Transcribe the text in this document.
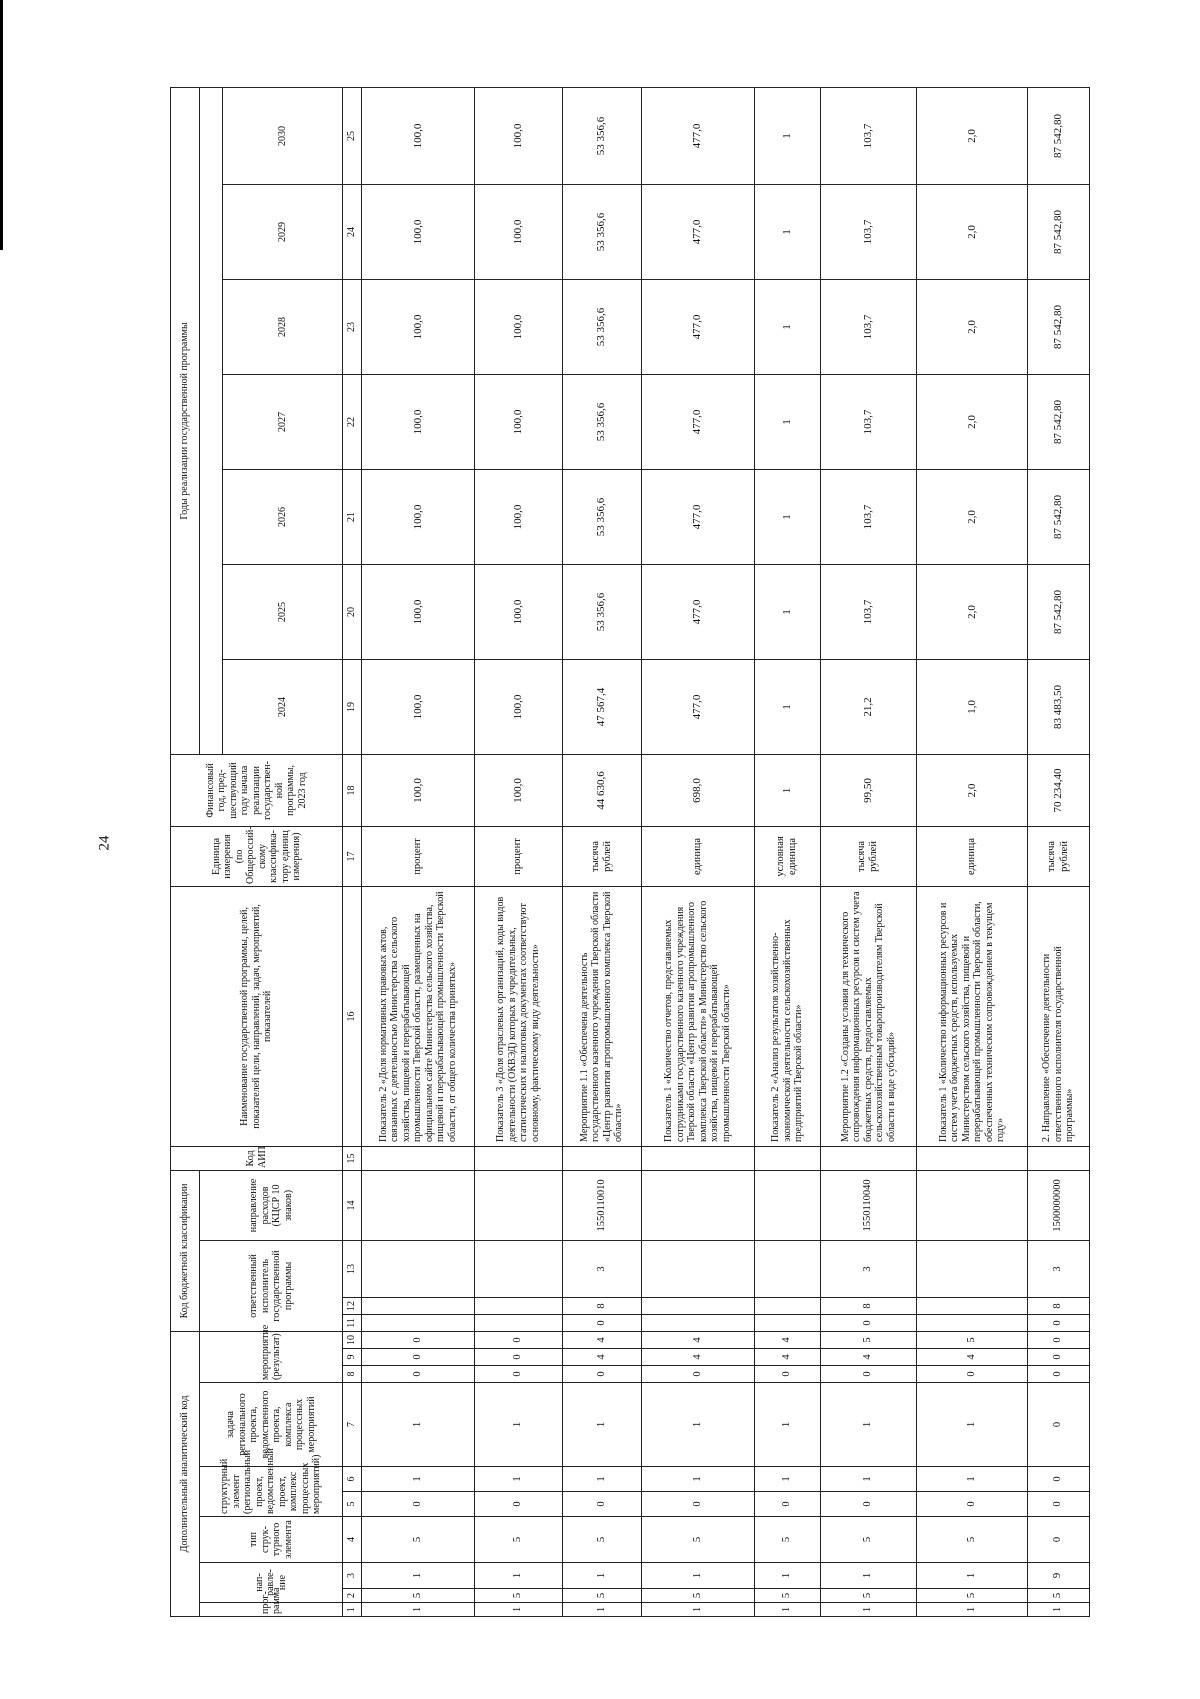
24
Дополнительный аналитический код										Код бюджетной классификации				Код АИП	Наименование государственной программы, целей, показателей цели, направлений, задач, мероприятий, показателей	Единица измерения (по Общероссий-скому классифика-тору единиц измерения)	Финансовый год, пред-шествующий году начала реализации государствен-ной программы, 2023 год	Годы реализации государственной программы						
прог-рамма	нап-равле-ние		тип струк-турного элемента	структурный элемент (региональный проект, ведомственный проект, комплекс процессных мероприятий)		задача регионального проекта, ведомственного проекта, комплекса процессных мероприятий	мероприятие (результат)			ответственный исполнитель государственной программы			направление расходов (КЦСР 10 знаков)											
																		2024	2025	2026	2027	2028	2029	2030
1	2	3	4	5	6	7	8	9	10	11	12	13	14	15	16	17	18	19	20	21	22	23	24	25
1	5	1	5	0	1	1	0	0	0						Показатель 2 «Доля нормативных правовых актов, связанных с деятельностью Министерства сельского хозяйства, пищевой и перерабатывающей промышленности Тверской области, размещенных на официальном сайте Министерства сельского хозяйства, пищевой и перерабатывающей промышленности Тверской области, от общего количества принятых»	процент	100,0	100,0	100,0	100,0	100,0	100,0	100,0	100,0
1	5	1	5	0	1	1	0	0	0						Показатель 3 «Доля отраслевых организаций, коды видов деятельности (ОКВЭД) которых в учредительных, статистических и налоговых документах соответствуют основному, фактическому виду деятельности»	процент	100,0	100,0	100,0	100,0	100,0	100,0	100,0	100,0
1	5	1	5	0	1	1	0	4	4	0	8	3	1550110010		Мероприятие 1.1 «Обеспечена деятельность государственного казенного учреждения Тверской области «Центр развития агропромышленного комплекса Тверской области»	тысяча рублей	44 630,6	47 567,4	53 356,6	53 356,6	53 356,6	53 356,6	53 356,6	53 356,6
1	5	1	5	0	1	1	0	4	4						Показатель 1 «Количество отчетов, представляемых сотрудниками государственного казенного учреждения Тверской области «Центр развития агропромышленного комплекса Тверской области» в Министерство сельского хозяйства, пищевой и перерабатывающей промышленности Тверской области»	единица	698,0	477,0	477,0	477,0	477,0	477,0	477,0	477,0
1	5	1	5	0	1	1	0	4	4						Показатель 2 «Анализ результатов хозяйственно-экономической деятельности сельскохозяйственных предприятий Тверской области»	условная единица	1	1	1	1	1	1	1	1
1	5	1	5	0	1	1	0	4	5	0	8	3	1550110040		Мероприятие 1.2 «Созданы условия для технического сопровождения информационных ресурсов и систем учета бюджетных средств, предоставляемых сельскохозяйственным товаропроизводителям Тверской области в виде субсидий»	тысяча рублей	99,50	21,2	103,7	103,7	103,7	103,7	103,7	103,7
1	5	1	5	0	1	1	0	4	5						Показатель 1 «Количество информационных ресурсов и систем учета бюджетных средств, используемых Министерством сельского хозяйства, пищевой и перерабатывающей промышленности Тверской области, обеспеченных техническим сопровождением в текущем году»	единица	2,0	1,0	2,0	2,0	2,0	2,0	2,0	2,0
1	5	9	0	0	0	0	0	0	0	0	8	3	1500000000		2. Направление «Обеспечение деятельности ответственного исполнителя государственной программы»	тысяча рублей	70 234,40	83 483,50	87 542,80	87 542,80	87 542,80	87 542,80	87 542,80	87 542,80
